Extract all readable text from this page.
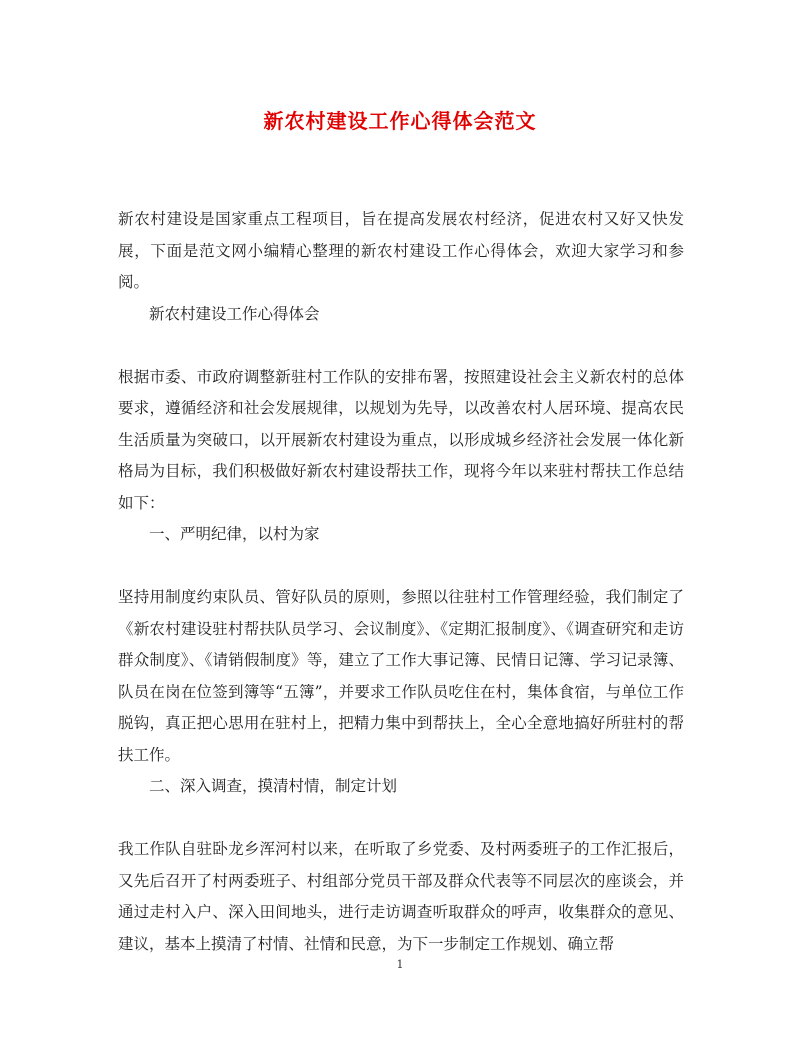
新农村建设工作心得体会范文

新农村建设是国家重点工程项目，旨在提高发展农村经济，促进农村又好又快发展，下面是范文网小编精心整理的新农村建设工作心得体会，欢迎大家学习和参阅。

新农村建设工作心得体会

根据市委、市政府调整新驻村工作队的安排布署，按照建设社会主义新农村的总体要求，遵循经济和社会发展规律，以规划为先导，以改善农村人居环境、提高农民生活质量为突破口，以开展新农村建设为重点，以形成城乡经济社会发展一体化新格局为目标，我们积极做好新农村建设帮扶工作，现将今年以来驻村帮扶工作总结如下：

一、严明纪律，以村为家

坚持用制度约束队员、管好队员的原则，参照以往驻村工作管理经验，我们制定了《新农村建设驻村帮扶队员学习、会议制度》、《定期汇报制度》、《调查研究和走访群众制度》、《请销假制度》等，建立了工作大事记簿、民情日记簿、学习记录簿、队员在岗在位签到簿等“五簿”，并要求工作队员吃住在村，集体食宿，与单位工作脱钩，真正把心思用在驻村上，把精力集中到帮扶上，全心全意地搞好所驻村的帮扶工作。

二、深入调查，摸清村情，制定计划

我工作队自驻卧龙乡浑河村以来，在听取了乡党委、及村两委班子的工作汇报后，又先后召开了村两委班子、村组部分党员干部及群众代表等不同层次的座谈会，并通过走村入户、深入田间地头，进行走访调查听取群众的呼声，收集群众的意见、建议，基本上摸清了村情、社情和民意，为下一步制定工作规划、确立帮

1
